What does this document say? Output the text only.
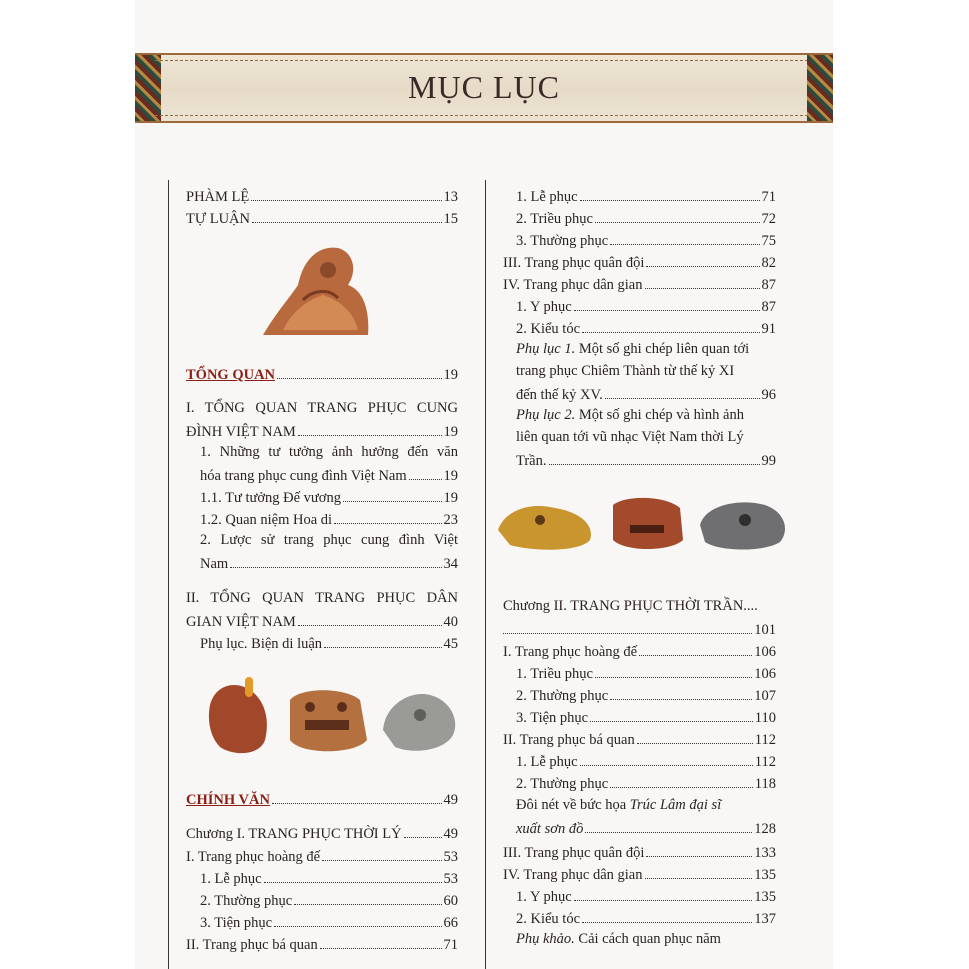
MỤC LỤC
PHÀM LỆ	13
TỰ LUẬN	15
TỔNG QUAN	19
I. TỔNG QUAN TRANG PHỤC CUNG
ĐÌNH VIỆT NAM	19
1. Những tư tưởng ảnh hưởng đến văn
hóa trang phục cung đình Việt Nam	19
1.1. Tư tưởng Đế vương	19
1.2. Quan niệm Hoa di	23
2. Lược sử trang phục cung đình Việt
Nam	34
II. TỔNG QUAN TRANG PHỤC DÂN
GIAN VIỆT NAM	40
Phụ lục. Biện di luận	45
CHÍNH VĂN	49
Chương I. TRANG PHỤC THỜI LÝ	49
I. Trang phục hoàng đế	53
1. Lễ phục	53
2. Thường phục	60
3. Tiện phục	66
II. Trang phục bá quan	71
1. Lễ phục	71
2. Triều phục	72
3. Thường phục	75
III. Trang phục quân đội	82
IV. Trang phục dân gian	87
1. Y phục	87
2. Kiểu tóc	91
Phụ lục 1. Một số ghi chép liên quan tới
trang phục Chiêm Thành từ thế kỷ XI
đến thế kỷ XV.	96
Phụ lục 2. Một số ghi chép và hình ảnh
liên quan tới vũ nhạc Việt Nam thời Lý
Trần.	99
Chương II. TRANG PHỤC THỜI TRẦN....
101
I. Trang phục hoàng đế	106
1. Triều phục	106
2. Thường phục	107
3. Tiện phục	110
II. Trang phục bá quan	112
1. Lễ phục	112
2. Thường phục	118
Đôi nét về bức họa Trúc Lâm đại sĩ
xuất sơn đồ	128
III. Trang phục quân đội	133
IV. Trang phục dân gian	135
1. Y phục	135
2. Kiểu tóc	137
Phụ khảo. Cải cách quan phục năm
